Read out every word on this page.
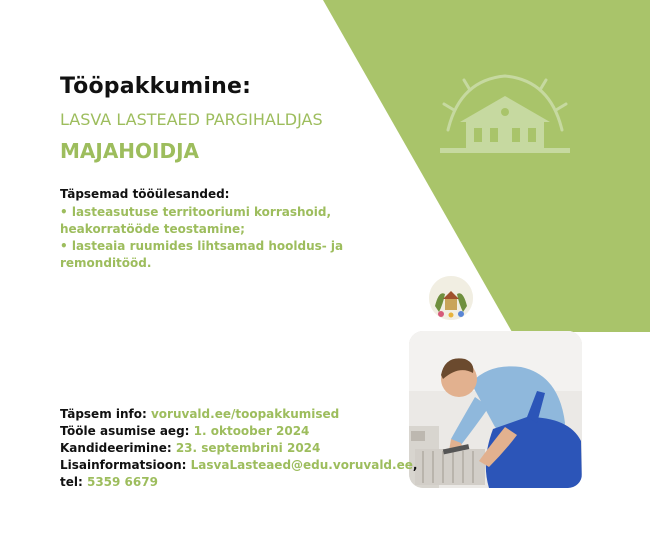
Tööpakkumine:
LASVA LASTEAED PARGIHALDJAS
MAJAHOIDJA
Täpsemad tööülesanded:
• lasteasutuse territooriumi korrashoid, heakorratööde teostamine;
• lasteaia ruumides lihtsamad hooldus- ja remonditööd.
Täpsem info: voruvald.ee/toopakkumised
Tööle asumise aeg: 1. oktoober 2024
Kandideerimine: 23. septembrini 2024
Lisainformatsioon: LasvaLasteaed@edu.voruvald.ee,
tel: 5359 6679
